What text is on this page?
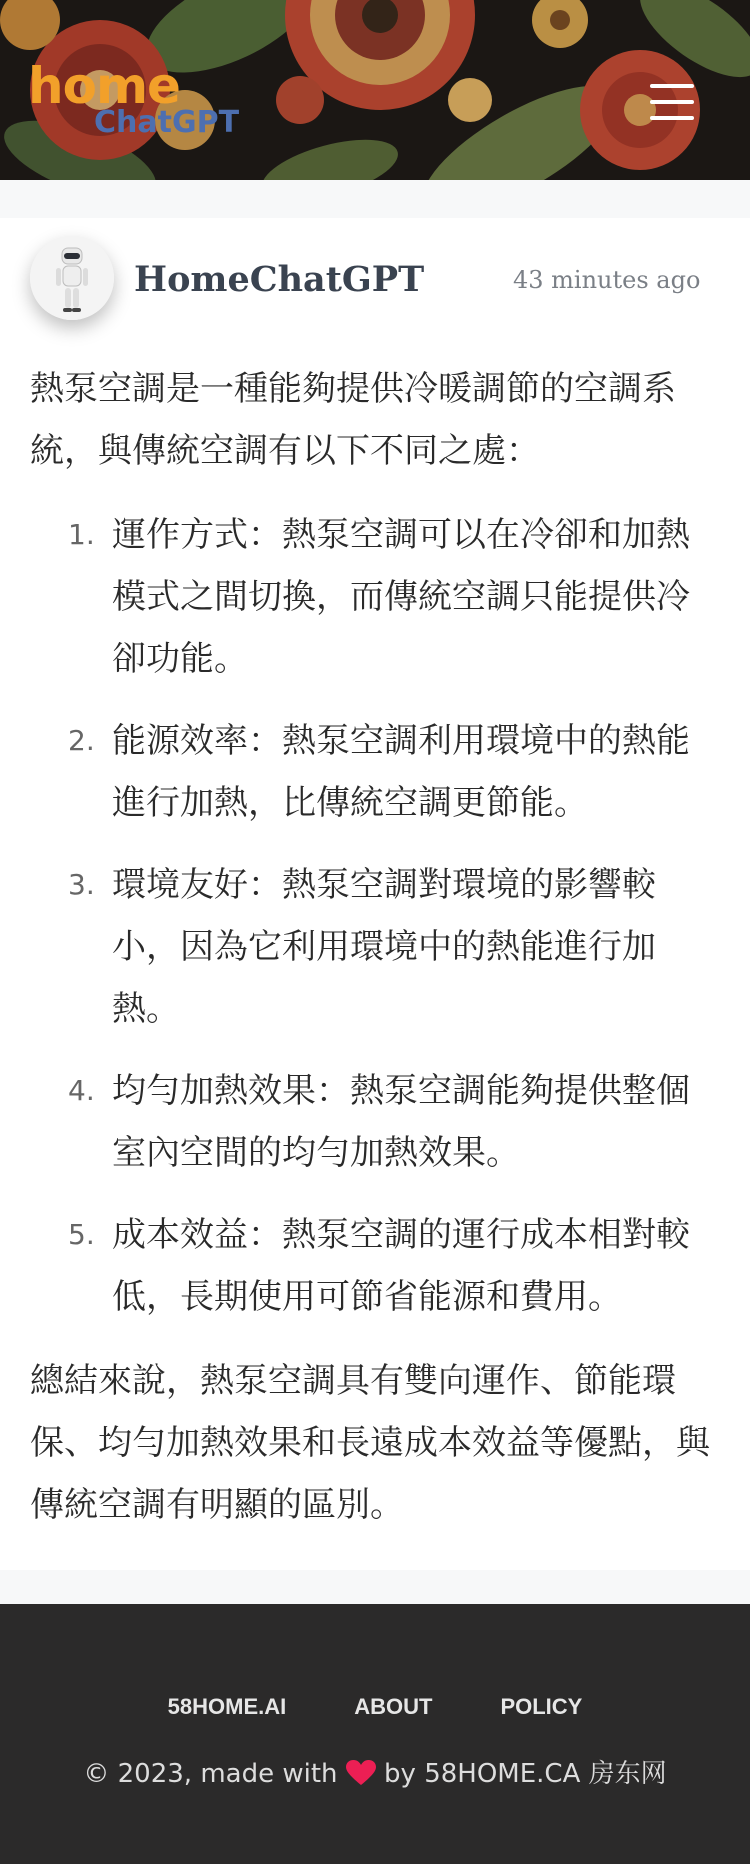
home
ChatGPT
HomeChatGPT	43 minutes ago

熱泵空調是一種能夠提供冷暖調節的空調系統，與傳統空調有以下不同之處：

1. 運作方式：熱泵空調可以在冷卻和加熱模式之間切換，而傳統空調只能提供冷卻功能。
2. 能源效率：熱泵空調利用環境中的熱能進行加熱，比傳統空調更節能。
3. 環境友好：熱泵空調對環境的影響較小，因為它利用環境中的熱能進行加熱。
4. 均勻加熱效果：熱泵空調能夠提供整個室內空間的均勻加熱效果。
5. 成本效益：熱泵空調的運行成本相對較低，長期使用可節省能源和費用。

總結來說，熱泵空調具有雙向運作、節能環保、均勻加熱效果和長遠成本效益等優點，與傳統空調有明顯的區別。

58HOME.AI	ABOUT	POLICY
© 2023, made with by 58HOME.CA 房东网
